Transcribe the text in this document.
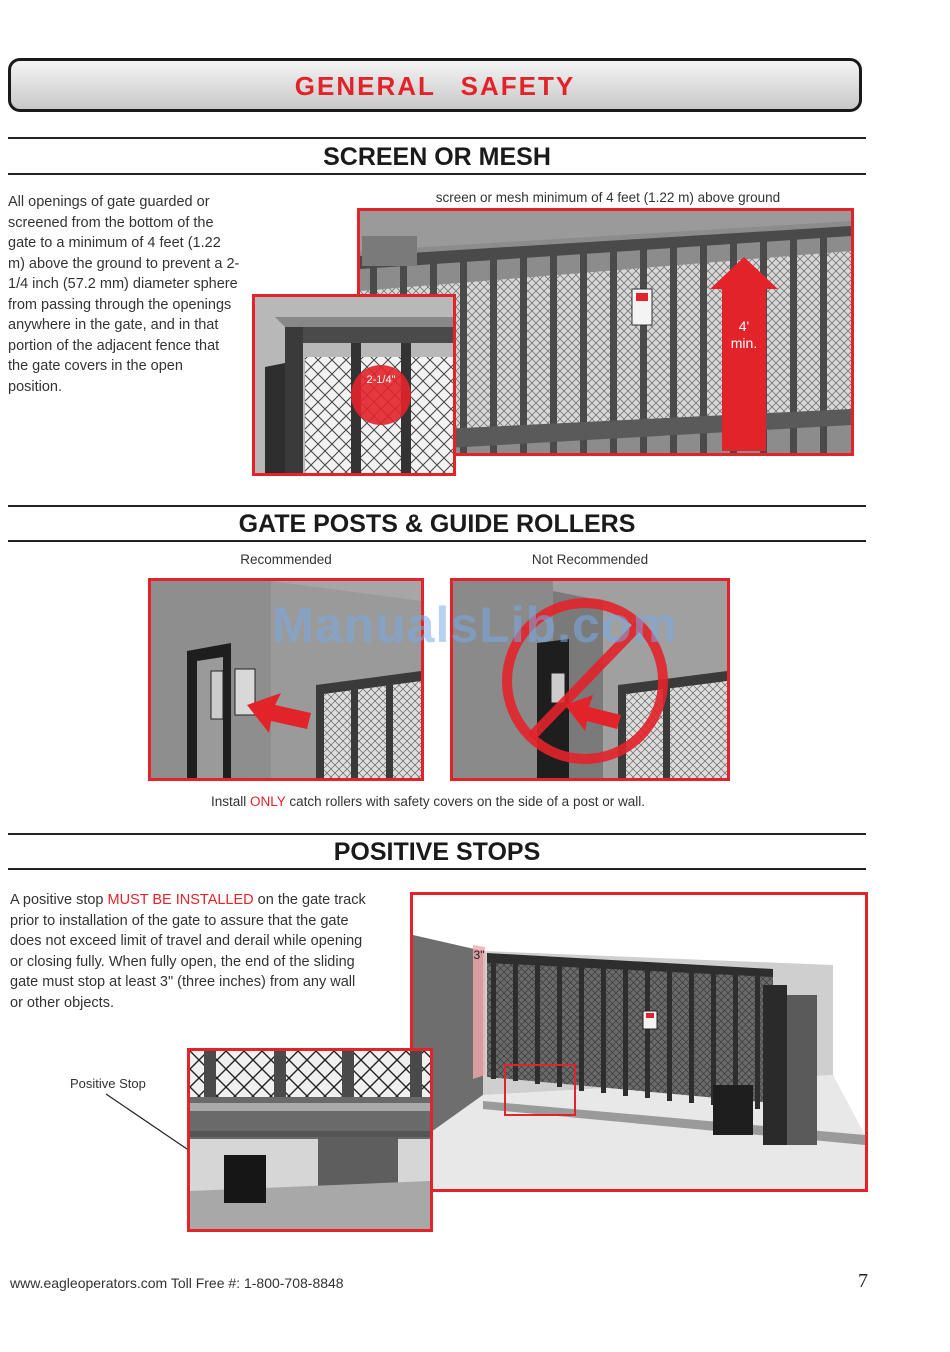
GENERAL SAFETY
SCREEN OR MESH
All openings of gate guarded or screened from the bottom of the gate to a minimum of 4 feet (1.22 m) above the ground to prevent a 2-1/4 inch (57.2 mm) diameter sphere from passing through the openings anywhere in the gate, and in that portion of the adjacent fence that the gate covers in the open position.
screen or mesh minimum of 4 feet (1.22 m) above ground
4'
min.
2-1/4"
GATE POSTS & GUIDE ROLLERS
Recommended	Not Recommended
Install ONLY catch rollers with safety covers on the side of a post or wall.
POSITIVE STOPS
A positive stop MUST BE INSTALLED on the gate track prior to installation of the gate to assure that the gate does not exceed limit of travel and derail while opening or closing fully. When fully open, the end of the sliding gate must stop at least 3" (three inches) from any wall or other objects.
3"
Positive Stop
ManualsLib.com
www.eagleoperators.com Toll Free #: 1-800-708-8848	7
